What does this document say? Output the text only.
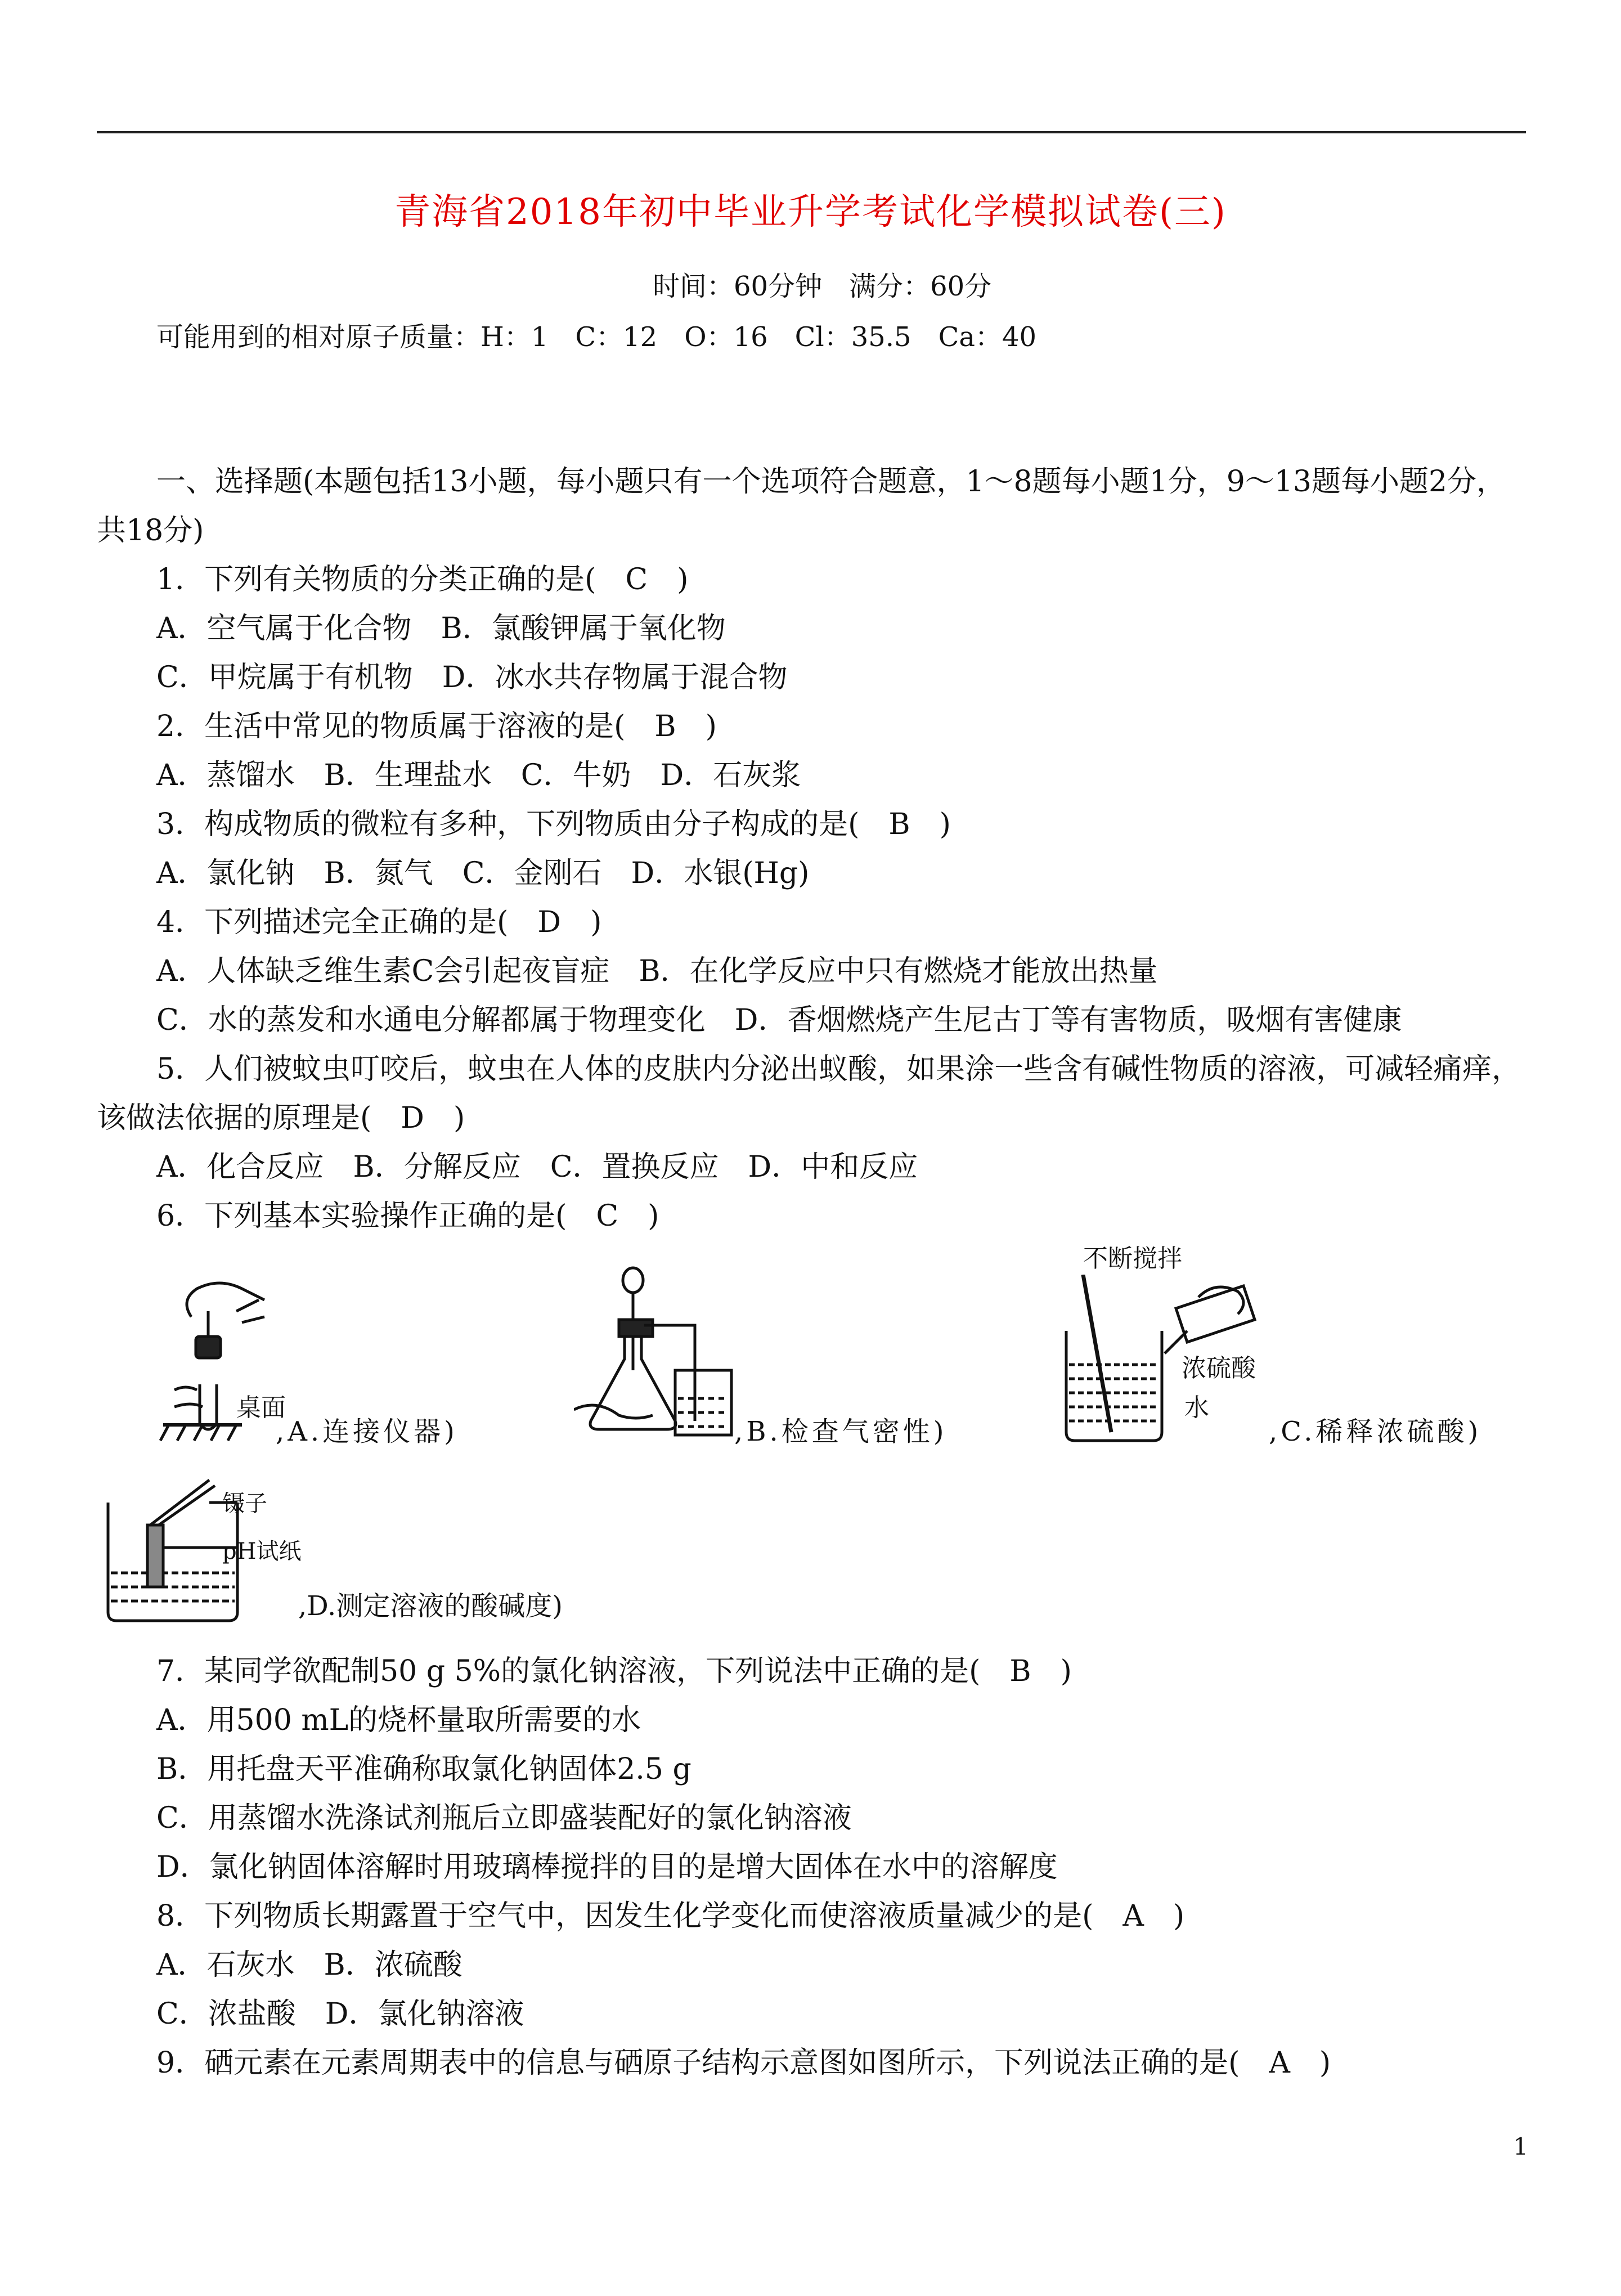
青海省2018年初中毕业升学考试化学模拟试卷(三)
时间：60分钟　满分：60分
可能用到的相对原子质量：H：1　C：12　O：16　Cl：35.5　Ca：40
一、选择题(本题包括13小题，每小题只有一个选项符合题意，1～8题每小题1分，9～13题每小题2分，
共18分)
1．下列有关物质的分类正确的是(　C　)
A．空气属于化合物　B．氯酸钾属于氧化物
C．甲烷属于有机物　D．冰水共存物属于混合物
2．生活中常见的物质属于溶液的是(　B　)
A．蒸馏水　B．生理盐水　C．牛奶　D．石灰浆
3．构成物质的微粒有多种，下列物质由分子构成的是(　B　)
A．氯化钠　B．氮气　C．金刚石　D．水银(Hg)
4．下列描述完全正确的是(　D　)
A．人体缺乏维生素C会引起夜盲症　B．在化学反应中只有燃烧才能放出热量
C．水的蒸发和水通电分解都属于物理变化　D．香烟燃烧产生尼古丁等有害物质，吸烟有害健康
5．人们被蚊虫叮咬后，蚊虫在人体的皮肤内分泌出蚁酸，如果涂一些含有碱性物质的溶液，可减轻痛痒，
该做法依据的原理是(　D　)
A．化合反应　B．分解反应　C．置换反应　D．中和反应
6．下列基本实验操作正确的是(　C　)
桌面
,A.连接仪器)	,B.检查气密性)
不断搅拌
浓硫酸
水
,C.稀释浓硫酸)
镊子
pH试纸
,D.测定溶液的酸碱度)
7．某同学欲配制50 g 5%的氯化钠溶液，下列说法中正确的是(　B　)
A．用500 mL的烧杯量取所需要的水
B．用托盘天平准确称取氯化钠固体2.5 g
C．用蒸馏水洗涤试剂瓶后立即盛装配好的氯化钠溶液
D．氯化钠固体溶解时用玻璃棒搅拌的目的是增大固体在水中的溶解度
8．下列物质长期露置于空气中，因发生化学变化而使溶液质量减少的是(　A　)
A．石灰水　B．浓硫酸
C．浓盐酸　D．氯化钠溶液
9．硒元素在元素周期表中的信息与硒原子结构示意图如图所示，下列说法正确的是(　A　)
1
